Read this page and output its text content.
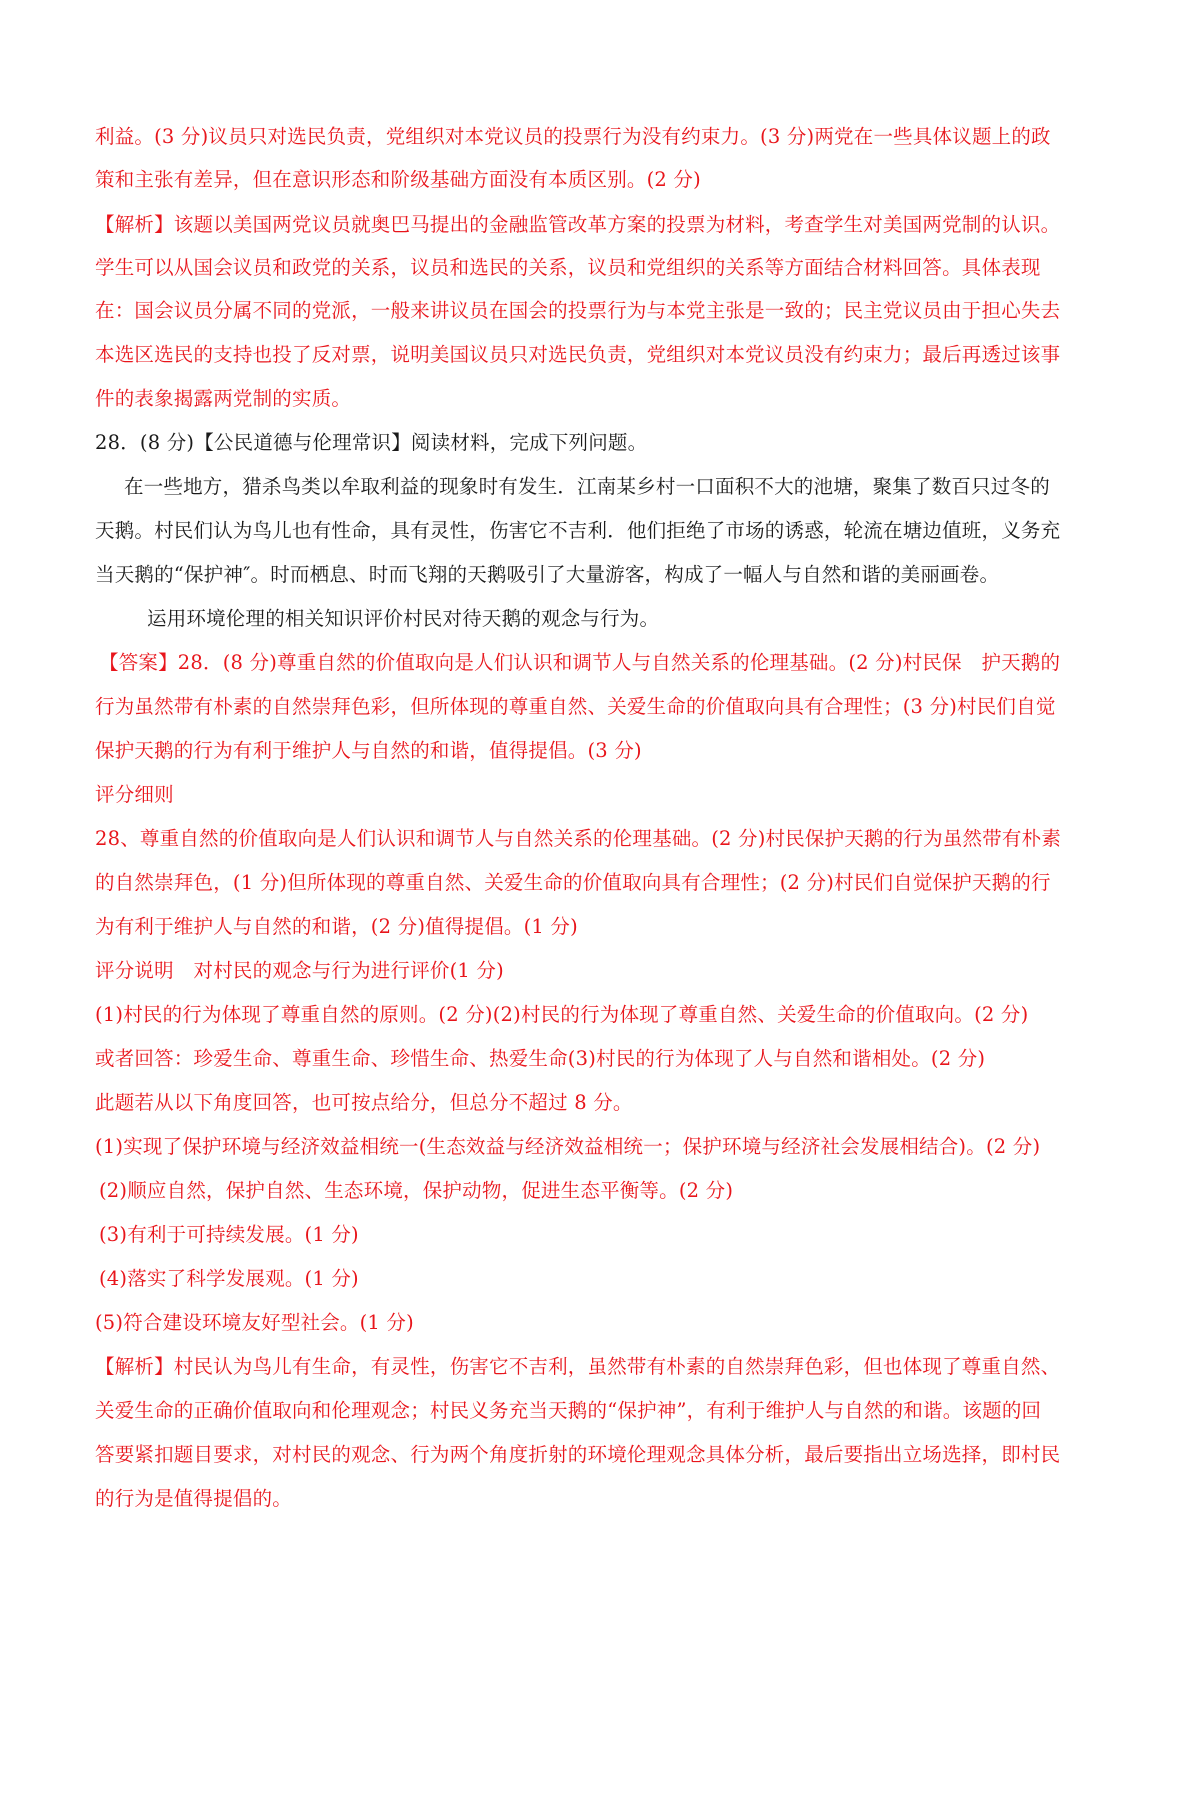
利益。(3 分)议员只对选民负责，党组织对本党议员的投票行为没有约束力。(3 分)两党在一些具体议题上的政
策和主张有差异，但在意识形态和阶级基础方面没有本质区别。(2 分)
【解析】该题以美国两党议员就奥巴马提出的金融监管改革方案的投票为材料，考查学生对美国两党制的认识。
学生可以从国会议员和政党的关系，议员和选民的关系，议员和党组织的关系等方面结合材料回答。具体表现
在：国会议员分属不同的党派，一般来讲议员在国会的投票行为与本党主张是一致的；民主党议员由于担心失去
本选区选民的支持也投了反对票，说明美国议员只对选民负责，党组织对本党议员没有约束力；最后再透过该事
件的表象揭露两党制的实质。
28．(8 分)【公民道德与伦理常识】阅读材料，完成下列问题。
在一些地方，猎杀鸟类以牟取利益的现象时有发生．江南某乡村一口面积不大的池塘，聚集了数百只过冬的
天鹅。村民们认为鸟儿也有性命，具有灵性，伤害它不吉利．他们拒绝了市场的诱惑，轮流在塘边值班，义务充
当天鹅的“保护神″。时而栖息、时而飞翔的天鹅吸引了大量游客，构成了一幅人与自然和谐的美丽画卷。
运用环境伦理的相关知识评价村民对待天鹅的观念与行为。
【答案】28．(8 分)尊重自然的价值取向是人们认识和调节人与自然关系的伦理基础。(2 分)村民保　护天鹅的
行为虽然带有朴素的自然崇拜色彩，但所体现的尊重自然、关爱生命的价值取向具有合理性；(3 分)村民们自觉
保护天鹅的行为有利于维护人与自然的和谐，值得提倡。(3 分)
评分细则
28、尊重自然的价值取向是人们认识和调节人与自然关系的伦理基础。(2 分)村民保护天鹅的行为虽然带有朴素
的自然崇拜色，(1 分)但所体现的尊重自然、关爱生命的价值取向具有合理性；(2 分)村民们自觉保护天鹅的行
为有利于维护人与自然的和谐，(2 分)值得提倡。(1 分)
评分说明　对村民的观念与行为进行评价(1 分)
(1)村民的行为体现了尊重自然的原则。(2 分)(2)村民的行为体现了尊重自然、关爱生命的价值取向。(2 分)
或者回答：珍爱生命、尊重生命、珍惜生命、热爱生命(3)村民的行为体现了人与自然和谐相处。(2 分)
此题若从以下角度回答，也可按点给分，但总分不超过 8 分。
(1)实现了保护环境与经济效益相统一(生态效益与经济效益相统一；保护环境与经济社会发展相结合)。(2 分)
(2)顺应自然，保护自然、生态环境，保护动物，促进生态平衡等。(2 分)
(3)有利于可持续发展。(1 分)
(4)落实了科学发展观。(1 分)
(5)符合建设环境友好型社会。(1 分)
【解析】村民认为鸟儿有生命，有灵性，伤害它不吉利，虽然带有朴素的自然崇拜色彩，但也体现了尊重自然、
关爱生命的正确价值取向和伦理观念；村民义务充当天鹅的“保护神”，有利于维护人与自然的和谐。该题的回
答要紧扣题目要求，对村民的观念、行为两个角度折射的环境伦理观念具体分析，最后要指出立场选择，即村民
的行为是值得提倡的。
